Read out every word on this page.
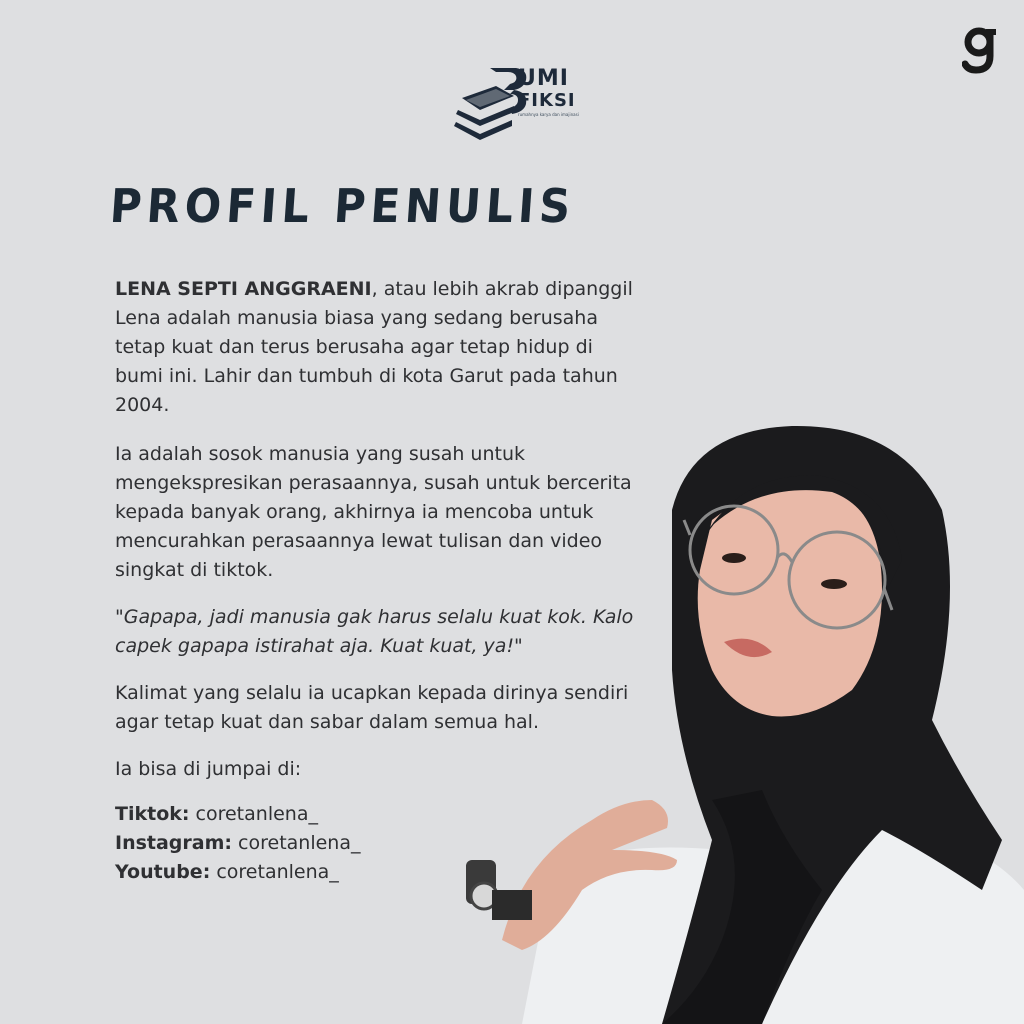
UMI
FIKSI
rumahnya karya dan imajinasi
PROFIL PENULIS

LENA SEPTI ANGGRAENI, atau lebih akrab dipanggil Lena adalah manusia biasa yang sedang berusaha tetap kuat dan terus berusaha agar tetap hidup di bumi ini. Lahir dan tumbuh di kota Garut pada tahun 2004.

Ia adalah sosok manusia yang susah untuk mengekspresikan perasaannya, susah untuk bercerita kepada banyak orang, akhirnya ia mencoba untuk mencurahkan perasaannya lewat tulisan dan video singkat di tiktok.

"Gapapa, jadi manusia gak harus selalu kuat kok. Kalo capek gapapa istirahat aja. Kuat kuat, ya!"

Kalimat yang selalu ia ucapkan kepada dirinya sendiri agar tetap kuat dan sabar dalam semua hal.

Ia bisa di jumpai di:

Tiktok: coretanlena_
Instagram: coretanlena_
Youtube: coretanlena_
